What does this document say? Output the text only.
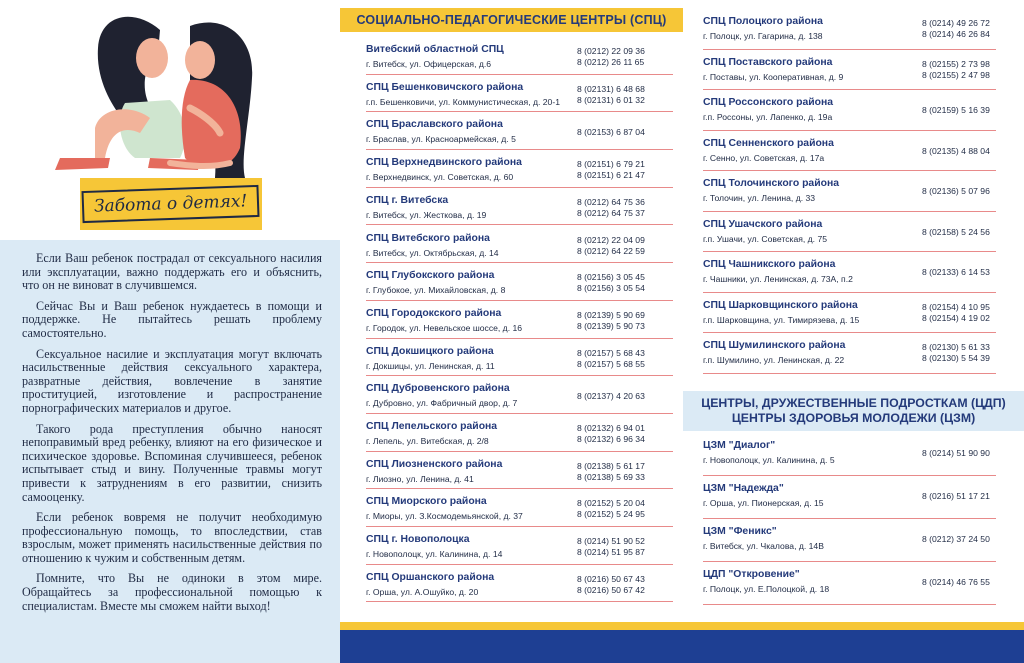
Забота о детях!

Если Ваш ребенок пострадал от сексуального насилия или эксплуатации, важно поддержать его и объяснить, что он не виноват в случившемся.

Сейчас Вы и Ваш ребенок нуждаетесь в помощи и поддержке. Не пытайтесь решать проблему самостоятельно.

Сексуальное насилие и эксплуатация могут включать насильственные действия сексуального характера, развратные действия, вовлечение в занятие проституцией, изготовление и распространение порнографических материалов и другое.

Такого рода преступления обычно наносят непоправимый вред ребенку, влияют на его физическое и психическое здоровье. Вспоминая случившееся, ребенок испытывает стыд и вину. Полученные травмы могут привести к затруднениям в его развитии, снизить самооценку.

Если ребенок вовремя не получит необходимую профессиональную помощь, то впоследствии, став взрослым, может применять насильственные действия по отношению к чужим и собственным детям.

Помните, что Вы не одиноки в этом мире. Обращайтесь за профессиональной помощью к специалистам. Вместе мы сможем найти выход!

СОЦИАЛЬНО-ПЕДАГОГИЧЕСКИЕ ЦЕНТРЫ (СПЦ)
Витебский областной СПЦ
г. Витебск, ул. Офицерская, д.6
8 (0212) 22 09 36
8 (0212) 26 11 65
СПЦ Бешенковичского района
г.п. Бешенковичи, ул. Коммунистическая, д. 20-1
8 (02131) 6 48 68
8 (02131) 6 01 32
СПЦ Браславского района
г. Браслав, ул. Красноармейская, д. 5
8 (02153) 6 87 04
СПЦ Верхнедвинского района
г. Верхнедвинск, ул. Советская, д. 60
8 (02151) 6 79 21
8 (02151) 6 21 47
СПЦ г. Витебска
г. Витебск, ул. Жесткова, д. 19
8 (0212) 64 75 36
8 (0212) 64 75 37
СПЦ Витебского района
г. Витебск, ул. Октябрьская, д. 14
8 (0212) 22 04 09
8 (0212) 64 22 59
СПЦ Глубокского района
г. Глубокое, ул. Михайловская, д. 8
8 (02156) 3 05 45
8 (02156) 3 05 54
СПЦ Городокского района
г. Городок, ул. Невельское шоссе, д. 16
8 (02139) 5 90 69
8 (02139) 5 90 73
СПЦ Докшицкого района
г. Докшицы, ул. Ленинская, д. 11
8 (02157) 5 68 43
8 (02157) 5 68 55
СПЦ Дубровенского района
г. Дубровно, ул. Фабричный двор, д. 7
8 (02137) 4 20 63
СПЦ Лепельского района
г. Лепель, ул. Витебская, д. 2/8
8 (02132) 6 94 01
8 (02132) 6 96 34
СПЦ Лиозненского района
г. Лиозно, ул. Ленина, д. 41
8 (02138) 5 61 17
8 (02138) 5 69 33
СПЦ Миорского района
г. Миоры, ул. З.Космодемьянской, д. 37
8 (02152) 5 20 04
8 (02152) 5 24 95
СПЦ г. Новополоцка
г. Новополоцк, ул. Калинина, д. 14
8 (0214) 51 90 52
8 (0214) 51 95 87
СПЦ Оршанского района
г. Орша, ул. А.Ошуйко, д. 20
8 (0216) 50 67 43
8 (0216) 50 67 42
СПЦ Полоцкого района
г. Полоцк, ул. Гагарина, д. 138
8 (0214) 49 26 72
8 (0214) 46 26 84
СПЦ Поставского района
г. Поставы, ул. Кооперативная, д. 9
8 (02155) 2 73 98
8 (02155) 2 47 98
СПЦ Россонского района
г.п. Россоны, ул. Лапенко, д. 19а
8 (02159) 5 16 39
СПЦ Сенненского района
г. Сенно, ул. Советская, д. 17а
8 (02135) 4 88 04
СПЦ Толочинского района
г. Толочин, ул. Ленина, д. 33
8 (02136) 5 07 96
СПЦ Ушачского района
г.п. Ушачи, ул. Советская, д. 75
8 (02158) 5 24 56
СПЦ Чашникского района
г. Чашники, ул. Ленинская, д. 73А, п.2
8 (02133) 6 14 53
СПЦ Шарковщинского района
г.п. Шарковщина, ул. Тимирязева, д. 15
8 (02154) 4 10 95
8 (02154) 4 19 02
СПЦ Шумилинского района
г.п. Шумилино, ул. Ленинская, д. 22
8 (02130) 5 61 33
8 (02130) 5 54 39
ЦЕНТРЫ, ДРУЖЕСТВЕННЫЕ ПОДРОСТКАМ (ЦДП)
ЦЕНТРЫ ЗДОРОВЬЯ МОЛОДЕЖИ (ЦЗМ)
ЦЗМ "Диалог"
г. Новополоцк, ул. Калинина, д. 5
8 (0214) 51 90 90
ЦЗМ "Надежда"
г. Орша, ул. Пионерская, д. 15
8 (0216) 51 17 21
ЦЗМ "Феникс"
г. Витебск, ул. Чкалова, д. 14В
8 (0212) 37 24 50
ЦДП "Откровение"
г. Полоцк, ул. Е.Полоцкой, д. 18
8 (0214) 46 76 55
